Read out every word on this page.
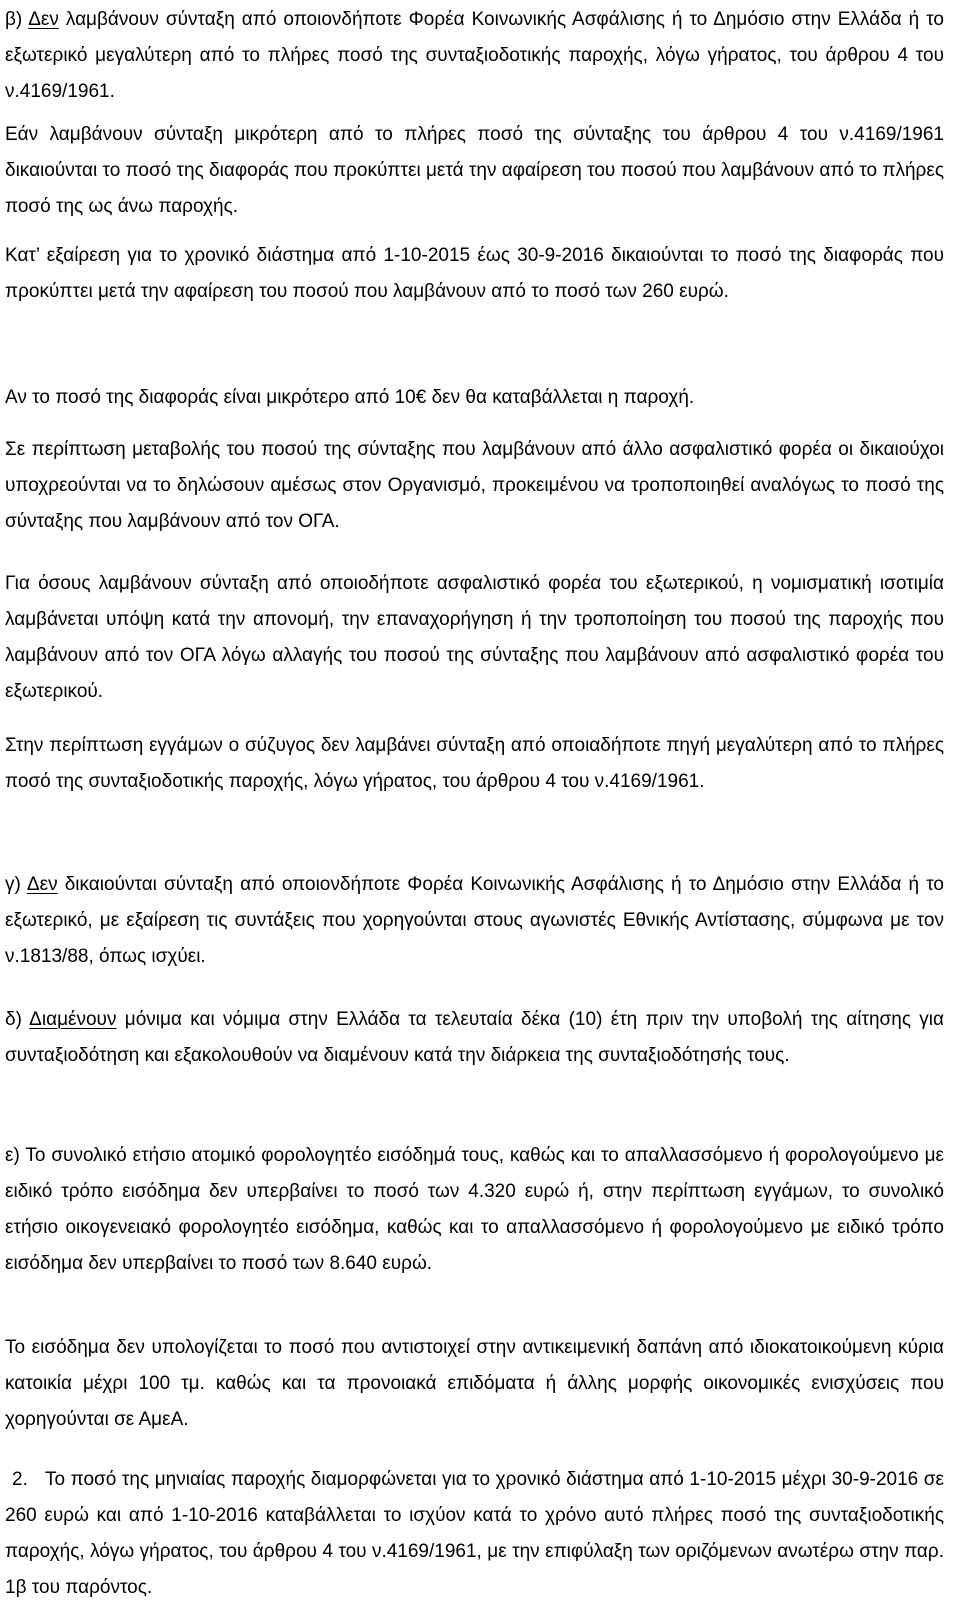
β) Δεν λαμβάνουν σύνταξη από οποιονδήποτε Φορέα Κοινωνικής Ασφάλισης ή το Δημόσιο στην Ελλάδα ή το εξωτερικό μεγαλύτερη από το πλήρες ποσό της συνταξιοδοτικής παροχής, λόγω γήρατος, του άρθρου 4 του ν.4169/1961.

Εάν λαμβάνουν σύνταξη μικρότερη από το πλήρες ποσό της σύνταξης του άρθρου 4 του ν.4169/1961 δικαιούνται το ποσό της διαφοράς που προκύπτει μετά την αφαίρεση του ποσού που λαμβάνουν από το πλήρες ποσό της ως άνω παροχής.

Κατ’ εξαίρεση για το χρονικό διάστημα από 1-10-2015 έως 30-9-2016 δικαιούνται το ποσό της διαφοράς που προκύπτει μετά την αφαίρεση του ποσού που λαμβάνουν από το ποσό των 260 ευρώ.

Αν το ποσό της διαφοράς είναι μικρότερο από 10€ δεν θα καταβάλλεται η παροχή.

Σε περίπτωση μεταβολής του ποσού της σύνταξης που λαμβάνουν από άλλο ασφαλιστικό φορέα οι δικαιούχοι υποχρεούνται να το δηλώσουν αμέσως στον Οργανισμό, προκειμένου να τροποποιηθεί αναλόγως το ποσό της σύνταξης που λαμβάνουν από τον ΟΓΑ.

Για όσους λαμβάνουν σύνταξη από οποιοδήποτε ασφαλιστικό φορέα του εξωτερικού, η νομισματική ισοτιμία λαμβάνεται υπόψη κατά την απονομή, την επαναχορήγηση ή την τροποποίηση του ποσού της παροχής που λαμβάνουν από τον ΟΓΑ λόγω αλλαγής του ποσού της σύνταξης που λαμβάνουν από ασφαλιστικό φορέα του εξωτερικού.

Στην περίπτωση εγγάμων ο σύζυγος δεν λαμβάνει σύνταξη από οποιαδήποτε πηγή μεγαλύτερη από το πλήρες ποσό της συνταξιοδοτικής παροχής, λόγω γήρατος, του άρθρου 4 του ν.4169/1961.

γ) Δεν δικαιούνται σύνταξη από οποιονδήποτε Φορέα Κοινωνικής Ασφάλισης ή το Δημόσιο στην Ελλάδα ή το εξωτερικό, με εξαίρεση τις συντάξεις που χορηγούνται στους αγωνιστές Εθνικής Αντίστασης, σύμφωνα με τον ν.1813/88, όπως ισχύει.

δ) Διαμένουν μόνιμα και νόμιμα στην Ελλάδα τα τελευταία δέκα (10) έτη πριν την υποβολή της αίτησης για συνταξιοδότηση και εξακολουθούν να διαμένουν κατά την διάρκεια της συνταξιοδότησής τους.

ε) Το συνολικό ετήσιο ατομικό φορολογητέο εισόδημά τους, καθώς και το απαλλασσόμενο ή φορολογούμενο με ειδικό τρόπο εισόδημα δεν υπερβαίνει το ποσό των 4.320 ευρώ ή, στην περίπτωση εγγάμων, το συνολικό ετήσιο οικογενειακό φορολογητέο εισόδημα, καθώς και το απαλλασσόμενο ή φορολογούμενο με ειδικό τρόπο εισόδημα δεν υπερβαίνει το ποσό των 8.640 ευρώ.

Το εισόδημα δεν υπολογίζεται το ποσό που αντιστοιχεί στην αντικειμενική δαπάνη από ιδιοκατοικούμενη κύρια κατοικία μέχρι 100 τμ. καθώς και τα προνοιακά επιδόματα ή άλλης μορφής οικονομικές ενισχύσεις που χορηγούνται σε ΑμεΑ.

2. Το ποσό της μηνιαίας παροχής διαμορφώνεται για το χρονικό διάστημα από 1-10-2015 μέχρι 30-9-2016 σε 260 ευρώ και από 1-10-2016 καταβάλλεται το ισχύον κατά το χρόνο αυτό πλήρες ποσό της συνταξιοδοτικής παροχής, λόγω γήρατος, του άρθρου 4 του ν.4169/1961, με την επιφύλαξη των οριζόμενων ανωτέρω στην παρ. 1β του παρόντος.
